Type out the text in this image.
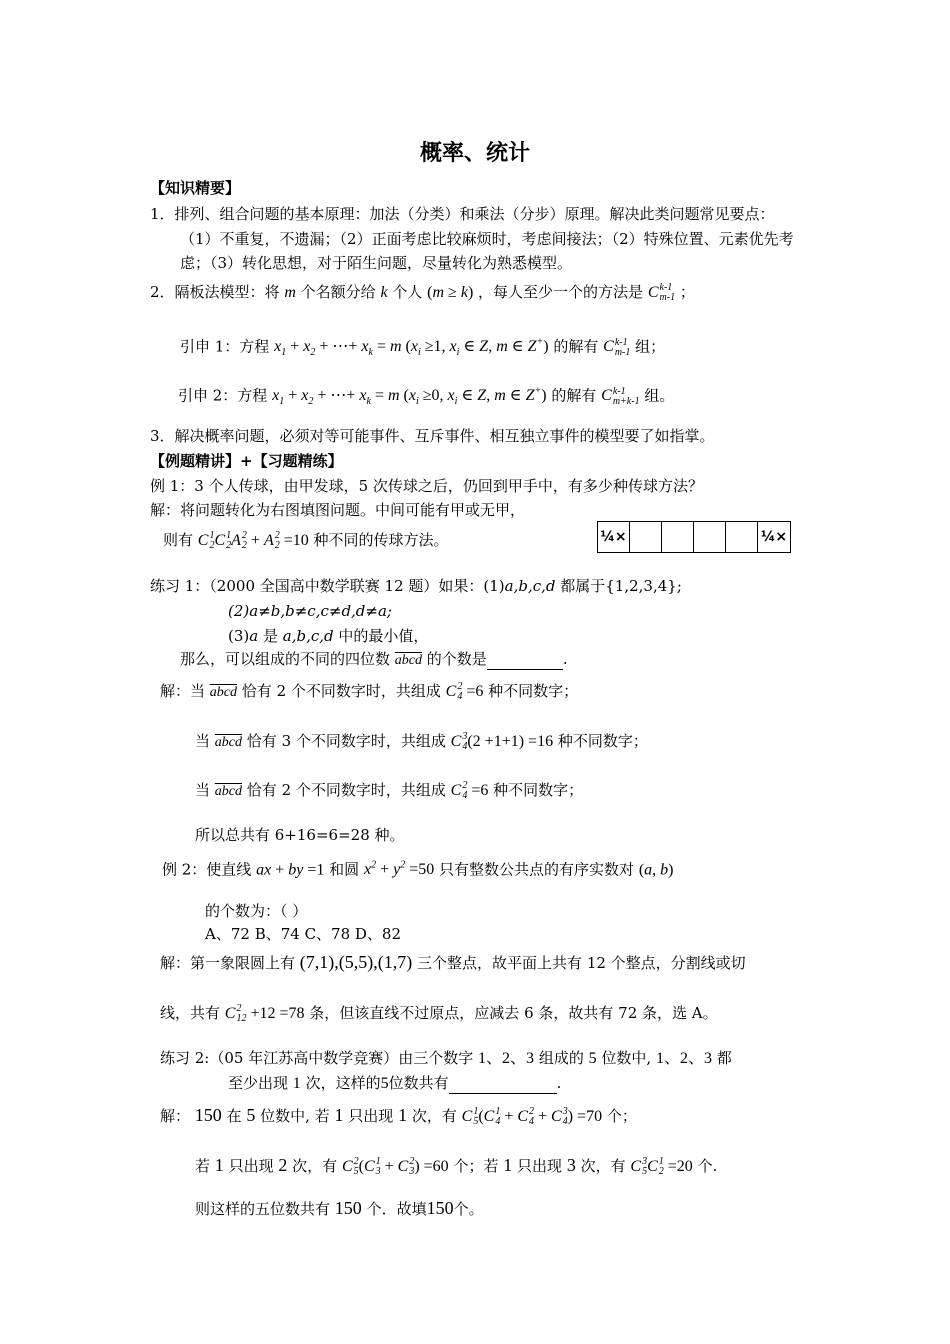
概率、统计
【知识精要】
1．排列、组合问题的基本原理：加法（分类）和乘法（分步）原理。解决此类问题常见要点：
（1）不重复，不遗漏；（2）正面考虑比较麻烦时，考虑间接法；（2）特殊位置、元素优先考
虑；（3）转化思想，对于陌生问题，尽量转化为熟悉模型。
2．隔板法模型：将 m 个名额分给 k 个人 (m ≥ k) ，每人至少一个的方法是 C k-1
m-1 ；
引申 1：方程 $x_1 + x_2$ + ⋯+ $x_k = m$ ($x_i \ge 1$, $x_i$ ∈ Z, m ∈ Z+) 的解有 C k-1
m-1 组；
引申 2：方程 $x_1 + x_2$ + ⋯+ $x_k = m$ ($x_i \ge 0$, $x_i$ ∈ Z, m ∈ Z+) 的解有 C k-1
m+k-1 组。
3．解决概率问题，必须对等可能事件、互斥事件、相互独立事件的模型要了如指掌。
【例题精讲】+【习题精练】
例 1：3 个人传球，由甲发球，5 次传球之后，仍回到甲手中，有多少种传球方法？
解：将问题转化为右图填图问题。中间可能有甲或无甲，
则有 C 1
2 C 1
2 A 2
2 + A 2
2 =10 种不同的传球方法。	¼×	¼×
练习 1：（2000 全国高中数学联赛 12 题）如果：(1)a,b,c,d 都属于{1,2,3,4};
(2)a≠b,b≠c,c≠d,d≠a;
(3)a 是 a,b,c,d 中的最小值，
那么，可以组成的不同的四位数 abcd 的个数是	.
解：当 abcd 恰有 2 个不同数字时，共组成 C 2
4 =6 种不同数字；
当 abcd 恰有 3 个不同数字时，共组成 C 3
4 (2 +1+1) =16 种不同数字；
当 abcd 恰有 2 个不同数字时，共组成 C 2
4 =6 种不同数字；
所以总共有 6+16=6=28 种。
例 2：使直线 ax + by =1 和圆 $x^2 + y^2 =50$ 只有整数公共点的有序实数对 (a, b)
的个数为：（ ）
A、72 B、74 C、78 D、82
解：第一象限圆上有 (7,1),(5,5),(1,7) 三个整点，故平面上共有 12 个整点，分割线或切
线，共有 C 2
12 +12 =78 条，但该直线不过原点，应减去 6 条，故共有 72 条，选 A。
练习 2:（05 年江苏高中数学竞赛）由三个数字 1、2、3 组成的 5 位数中, 1、2、3 都
至少出现 1 次，这样的5位数共有	.
解： 150 在 5 位数中, 若 1 只出现 1 次，有 C 1
5 (C 1
4 + C 2
4 + C 3
4 ) =70 个；
若 1 只出现 2 次，有 C 2
5 (C 1
3 + C 2
3 ) =60 个；若 1 只出现 3 次，有 C 3
5 C 1
2 =20 个.
则这样的五位数共有 150 个．故填150个。
